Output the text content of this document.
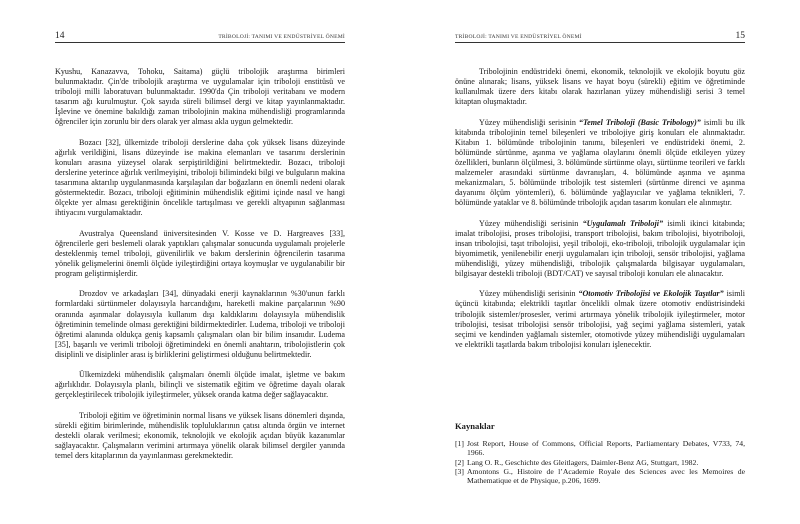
14	TRİBOLOJİ: TANIMI VE ENDÜSTRİYEL ÖNEMİ

Kyushu, Kanazavva, Tohoku, Saitama) güçlü tribolojik araştırma birimleri bulunmaktadır. Çin'de tribolojik araştırma ve uygulamalar için triboloji enstitüsü ve triboloji milli laboratuvarı bulunmaktadır. 1990'da Çin triboloji veritabanı ve modern tasarım ağı kurulmuştur. Çok sayıda süreli bilimsel dergi ve kitap yayınlanmaktadır. İşlevine ve önemine bakıldığı zaman tribolojinin makina mühendisliği programlarında öğrenciler için zorunlu bir ders olarak yer alması akla uygun gelmektedir.

Bozacı [32], ülkemizde triboloji derslerine daha çok yüksek lisans düzeyinde ağırlık verildiğini, lisans düzeyinde ise makina elemanları ve tasarımı derslerinin konuları arasına yüzeysel olarak serpiştirildiğini belirtmektedir. Bozacı, triboloji derslerine yeterince ağırlık verilmeyişini, triboloji bilimindeki bilgi ve bulguların makina tasarımına aktarılıp uygulanmasında karşılaşılan dar boğazların en önemli nedeni olarak göstermektedir. Bozacı, triboloji eğitiminin mühendislik eğitimi içinde nasıl ve hangi ölçekte yer alması gerektiğinin öncelikle tartışılması ve gerekli altyapının sağlanması ihtiyacını vurgulamaktadır.

Avustralya Queensland üniversitesinden V. Kosse ve D. Hargreaves [33], öğrencilerle geri beslemeli olarak yaptıkları çalışmalar sonucunda uygulamalı projelerle desteklenmiş temel triboloji, güvenilirlik ve bakım derslerinin öğrencilerin tasarıma yönelik gelişmelerini önemli ölçüde iyileştirdiğini ortaya koymuşlar ve uygulanabilir bir program geliştirmişlerdir.

Drozdov ve arkadaşları [34], dünyadaki enerji kaynaklarının %30'unun farklı formlardaki sürtünmeler dolayısıyla harcandığını, hareketli makine parçalarının %90 oranında aşınmalar dolayısıyla kullanım dışı kaldıklarını dolayısıyla mühendislik öğretiminin temelinde olması gerektiğini bildirmektedirler. Ludema, triboloji ve triboloji öğretimi alanında oldukça geniş kapsamlı çalışmaları olan bir bilim insanıdır. Ludema [35], başarılı ve verimli triboloji öğretimindeki en önemli anahtarın, tribolojistlerin çok disiplinli ve disiplinler arası iş birliklerini geliştirmesi olduğunu belirtmektedir.

Ülkemizdeki mühendislik çalışmaları önemli ölçüde imalat, işletme ve bakım ağırlıklıdır. Dolayısıyla planlı, bilinçli ve sistematik eğitim ve öğretime dayalı olarak gerçekleştirilecek tribolojik iyileştirmeler, yüksek oranda katma değer sağlayacaktır.

Triboloji eğitim ve öğretiminin normal lisans ve yüksek lisans dönemleri dışında, sürekli eğitim birimlerinde, mühendislik topluluklarının çatısı altında örgün ve internet destekli olarak verilmesi; ekonomik, teknolojik ve ekolojik açıdan büyük kazanımlar sağlayacaktır. Çalışmaların verimini artırmaya yönelik olarak bilimsel dergiler yanında temel ders kitaplarının da yayınlanması gerekmektedir.

TRİBOLOJİ: TANIMI VE ENDÜSTRİYEL ÖNEMİ	15

Tribolojinin endüstrideki önemi, ekonomik, teknolojik ve ekolojik boyutu göz önüne alınarak; lisans, yüksek lisans ve hayat boyu (sürekli) eğitim ve öğretiminde kullanılmak üzere ders kitabı olarak hazırlanan yüzey mühendisliği serisi 3 temel kitaptan oluşmaktadır.

Yüzey mühendisliği serisinin “Temel Triboloji (Basic Tribology)” isimli bu ilk kitabında tribolojinin temel bileşenleri ve tribolojiye giriş konuları ele alınmaktadır. Kitabın 1. bölümünde tribolojinin tanımı, bileşenleri ve endüstrideki önemi, 2. bölümünde sürtünme, aşınma ve yağlama olaylarını önemli ölçüde etkileyen yüzey özellikleri, bunların ölçülmesi, 3. bölümünde sürtünme olayı, sürtünme teorileri ve farklı malzemeler arasındaki sürtünme davranışları, 4. bölümünde aşınma ve aşınma mekanizmaları, 5. bölümünde tribolojik test sistemleri (sürtünme direnci ve aşınma dayanımı ölçüm yöntemleri), 6. bölümünde yağlayıcılar ve yağlama teknikleri, 7. bölümünde yataklar ve 8. bölümünde tribolojik açıdan tasarım konuları ele alınmıştır.

Yüzey mühendisliği serisinin “Uygulamalı Triboloji” isimli ikinci kitabında; imalat tribolojisi, proses tribolojisi, transport tribolojisi, bakım tribolojisi, biyotriboloji, insan tribolojisi, taşıt tribolojisi, yeşil triboloji, eko-triboloji, tribolojik uygulamalar için biyomimetik, yenilenebilir enerji uygulamaları için triboloji, sensör tribolojisi, yağlama mühendisliği, yüzey mühendisliği, tribolojik çalışmalarda bilgisayar uygulamaları, bilgisayar destekli triboloji (BDT/CAT) ve sayısal triboloji konuları ele alınacaktır.

Yüzey mühendisliği serisinin “Otomotiv Tribolojisi ve Ekolojik Taşıtlar” isimli üçüncü kitabında; elektrikli taşıtlar öncelikli olmak üzere otomotiv endüstrisindeki tribolojik sistemler/prosesler, verimi artırmaya yönelik tribolojik iyileştirmeler, motor tribolojisi, tesisat tribolojisi sensör tribolojisi, yağ seçimi yağlama sistemleri, yatak seçimi ve kendinden yağlamalı sistemler, otomotivde yüzey mühendisliği uygulamaları ve elektrikli taşıtlarda bakım tribolojisi konuları işlenecektir.

Kaynaklar
[1] Jost Report, House of Commons, Official Reports, Parliamentary Debates, V733, 74, 1966.
[2] Lang O. R., Geschichte des Gleitlagers, Daimler-Benz AG, Stuttgart, 1982.
[3] Amontons G., Histoire de l’Academie Royale des Sciences avec les Memoires de Mathematique et de Physique, p.206, 1699.
